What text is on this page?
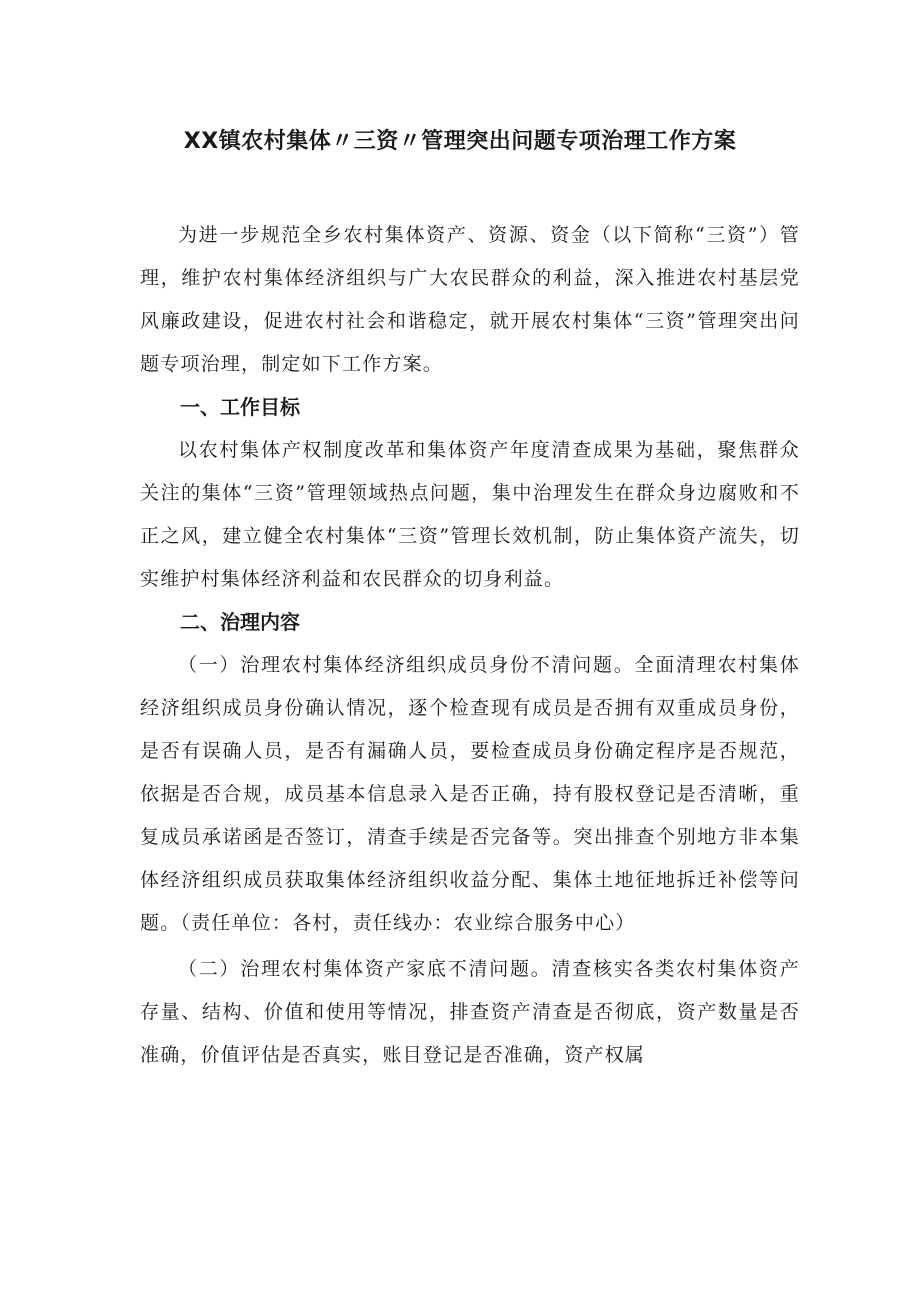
XX镇农村集体〃三资〃管理突出问题专项治理工作方案

为进一步规范全乡农村集体资产、资源、资金（以下简称“三资”）管理，维护农村集体经济组织与广大农民群众的利益，深入推进农村基层党风廉政建设，促进农村社会和谐稳定，就开展农村集体“三资”管理突出问题专项治理，制定如下工作方案。

一、工作目标

以农村集体产权制度改革和集体资产年度清查成果为基础，聚焦群众关注的集体“三资”管理领域热点问题，集中治理发生在群众身边腐败和不正之风，建立健全农村集体“三资”管理长效机制，防止集体资产流失，切实维护村集体经济利益和农民群众的切身利益。

二、治理内容

（一）治理农村集体经济组织成员身份不清问题。全面清理农村集体经济组织成员身份确认情况，逐个检查现有成员是否拥有双重成员身份，是否有误确人员，是否有漏确人员，要检查成员身份确定程序是否规范，依据是否合规，成员基本信息录入是否正确，持有股权登记是否清晰，重复成员承诺函是否签订，清查手续是否完备等。突出排查个别地方非本集体经济组织成员获取集体经济组织收益分配、集体土地征地拆迁补偿等问题。（责任单位：各村，责任线办：农业综合服务中心）

（二）治理农村集体资产家底不清问题。清查核实各类农村集体资产存量、结构、价值和使用等情况，排查资产清查是否彻底，资产数量是否准确，价值评估是否真实，账目登记是否准确，资产权属
